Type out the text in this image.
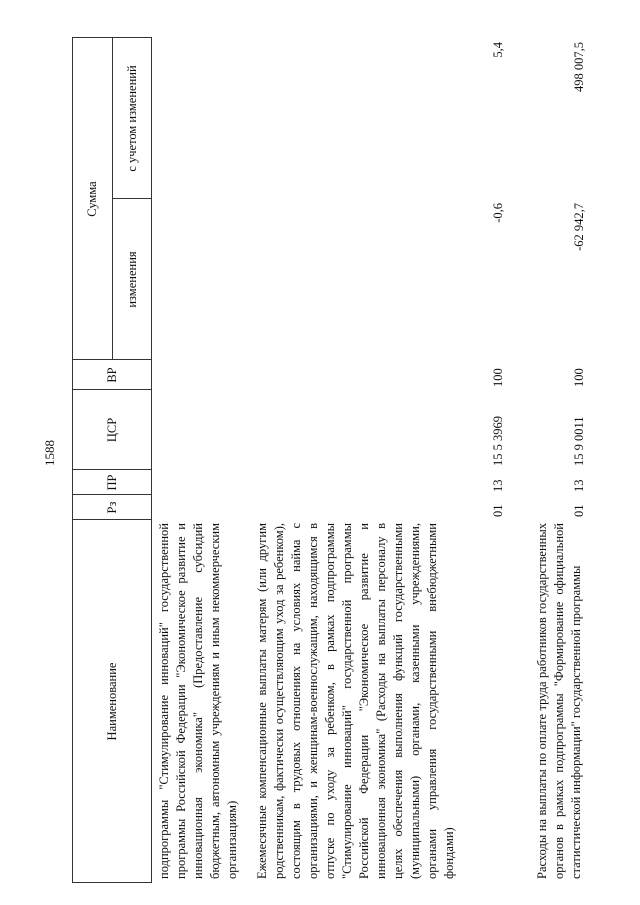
1588
Наименование
Рз
ПР
ЦСР
ВР
Сумма
изменения
с учетом изменений
подпрограммы "Стимулирование инноваций" государственной программы Российской Федерации "Экономическое развитие и инновационная экономика" (Предоставление субсидий бюджетным, автономным учреждениям и иным некоммерческим организациям) Ежемесячные компенсационные выплаты матерям (или другим родственникам, фактически осуществляющим уход за ребенком), состоящим в трудовых отношениях на условиях найма с организациями, и женщинам-военнослужащим, находящимся в отпуске по уходу за ребенком, в рамках подпрограммы "Стимулирование инноваций" государственной программы Российской Федерации "Экономическое развитие и инновационная экономика" (Расходы на выплаты персоналу в целях обеспечения выполнения функций государственными (муниципальными) органами, казенными учреждениями, органами управления государственными внебюджетными фондами)
01
13
15 5 3969
100
-0,6
5,4
Расходы на выплаты по оплате труда работников государственных органов в рамках подпрограммы "Формирование официальной статистической информации" государственной программы
01
13
15 9 0011
100
-62 942,7
498 007,5
